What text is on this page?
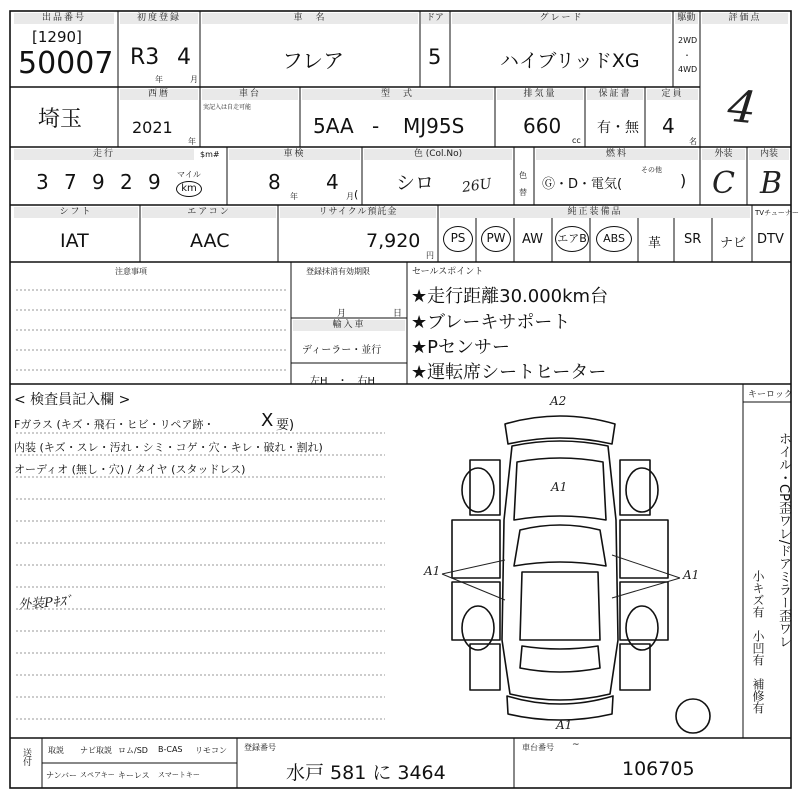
出品番号
[1290]
50007
初度登録
R3 4
年	月
車　名
フレア
ドア
5
グレード
ハイブリッドXG
駆動
2WD
・
4WD
評価点
4
埼玉
西暦
2021
年
車台
実記入は自走可能
型　式
5AA - MJ95S
排気量
660
cc
保証書
有・無
定員
4
名
走行	$m#
3 7 9 2 9 マイル
km
車検
8
年
4
月 (
色 (Col.No)
シロ 26U
色
替
燃料
Ⓖ・D・電気(
その他
)
外装
C
内装
B
シフト
IAT
エアコン
AAC
リサイクル預託金
7,920
円
純正装備品	TVチューナー
PS	PW	AW エアB	ABS	革 SR ナビ DTV
注意事項	登録抹消有効期限
月	日
輸入車
ディーラー・並行
左H　・　右H
セールスポイント
★走行距離30.000km台
★ブレーキサポート
★Pセンサー
★運転席シートヒーター
< 検査員記入欄 >
Fガラス (キズ・飛石・ヒビ・リペア跡・	X 要)
内装 (キズ・スレ・汚れ・シミ・コゲ・穴・キレ・破れ・割れ)
オーディオ (無し・穴) / タイヤ (スタッドレス)
外装Pｷｽﾞ
キーロック
ホイル・CP歪ワレ/ドアミラー歪ワレ
小キズ有　小凹有　補修有
A2
A1
A1	A1
A1
送付 取説 ナビ取説 ロム/SD B-CAS リモコン
ナンバー スペアキー キーレス スマートキー
登録番号
水戸 581 に 3464
車台番号 ~
106705
